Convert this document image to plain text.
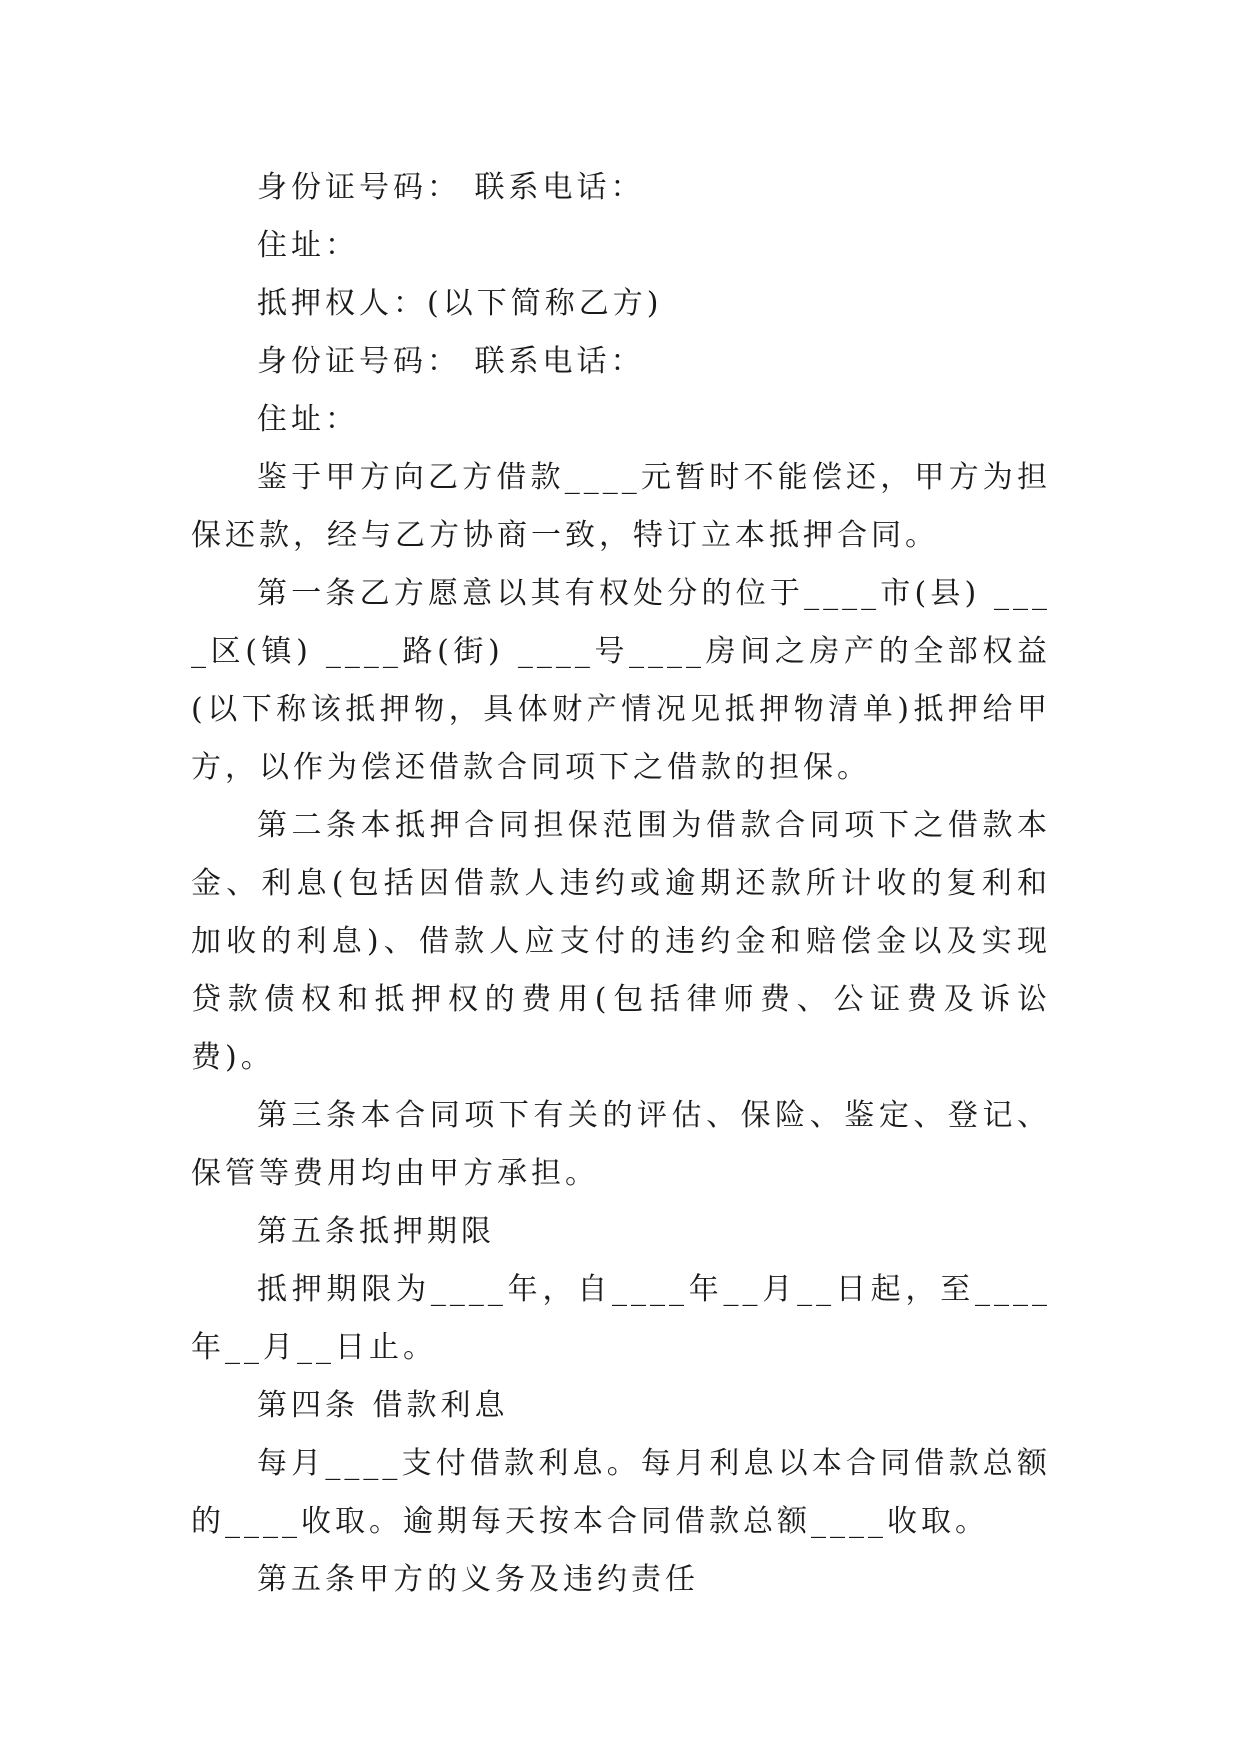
身份证号码： 联系电话：

住址：

抵押权人：(以下简称乙方)

身份证号码： 联系电话：

住址：

鉴于甲方向乙方借款____元暂时不能偿还，甲方为担保还款，经与乙方协商一致，特订立本抵押合同。

第一条乙方愿意以其有权处分的位于____市(县) ____区(镇) ____路(街) ____号____房间之房产的全部权益(以下称该抵押物，具体财产情况见抵押物清单)抵押给甲方，以作为偿还借款合同项下之借款的担保。

第二条本抵押合同担保范围为借款合同项下之借款本金、利息(包括因借款人违约或逾期还款所计收的复利和加收的利息)、借款人应支付的违约金和赔偿金以及实现贷款债权和抵押权的费用(包括律师费、公证费及诉讼费)。

第三条本合同项下有关的评估、保险、鉴定、登记、保管等费用均由甲方承担。

第五条抵押期限

抵押期限为____年，自____年__月__日起，至____年__月__日止。

第四条 借款利息

每月____支付借款利息。每月利息以本合同借款总额的____收取。逾期每天按本合同借款总额____收取。

第五条甲方的义务及违约责任
